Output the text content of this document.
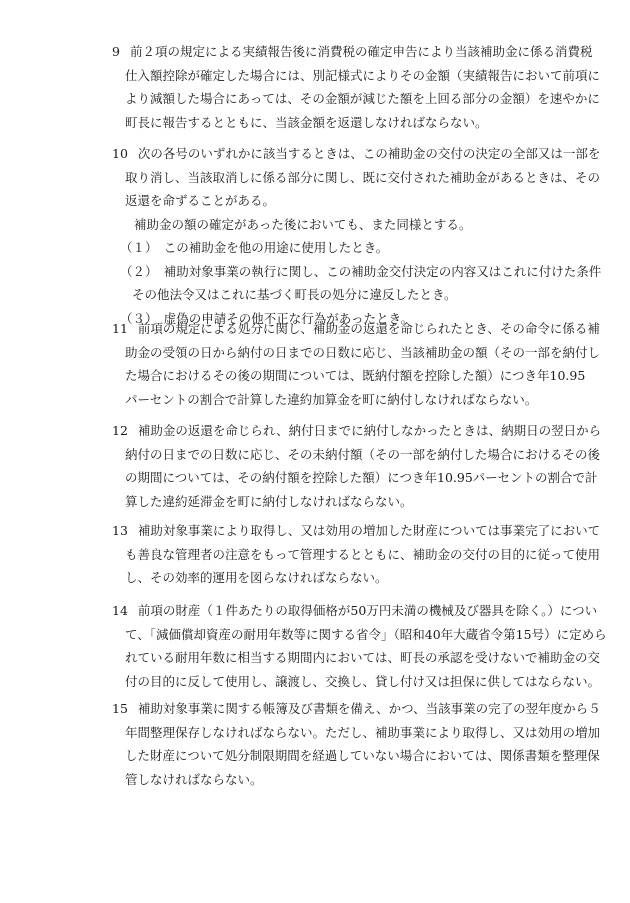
9 前２項の規定による実績報告後に消費税の確定申告により当該補助金に係る消費税
仕入額控除が確定した場合には、別記様式によりその金額（実績報告において前項に
より減額した場合にあっては、その金額が減じた額を上回る部分の金額）を速やかに
町長に報告するとともに、当該金額を返還しなければならない。
10 次の各号のいずれかに該当するときは、この補助金の交付の決定の全部又は一部を
取り消し、当該取消しに係る部分に関し、既に交付された補助金があるときは、その
返還を命ずることがある。
補助金の額の確定があった後においても、また同様とする。
（１）　この補助金を他の用途に使用したとき。
（２）　補助対象事業の執行に関し、この補助金交付決定の内容又はこれに付けた条件
その他法令又はこれに基づく町長の処分に違反したとき。
（３）　虚偽の申請その他不正な行為があったとき。
11 前項の規定による処分に関し、補助金の返還を命じられたとき、その命令に係る補
助金の受領の日から納付の日までの日数に応じ、当該補助金の額（その一部を納付し
た場合におけるその後の期間については、既納付額を控除した額）につき年10.95
パーセントの割合で計算した違約加算金を町に納付しなければならない。
12 補助金の返還を命じられ、納付日までに納付しなかったときは、納期日の翌日から
納付の日までの日数に応じ、その未納付額（その一部を納付した場合におけるその後
の期間については、その納付額を控除した額）につき年10.95パーセントの割合で計
算した違約延滞金を町に納付しなければならない。
13 補助対象事業により取得し、又は効用の増加した財産については事業完了において
も善良な管理者の注意をもって管理するとともに、補助金の交付の目的に従って使用
し、その効率的運用を図らなければならない。
14 前項の財産（１件あたりの取得価格が50万円未満の機械及び器具を除く。）につい
て、「減価償却資産の耐用年数等に関する省令」（昭和40年大蔵省令第15号）に定めら
れている耐用年数に相当する期間内においては、町長の承認を受けないで補助金の交
付の目的に反して使用し、譲渡し、交換し、貸し付け又は担保に供してはならない。
15 補助対象事業に関する帳簿及び書類を備え、かつ、当該事業の完了の翌年度から５
年間整理保存しなければならない。ただし、補助事業により取得し、又は効用の増加
した財産について処分制限期間を経過していない場合においては、関係書類を整理保
管しなければならない。
